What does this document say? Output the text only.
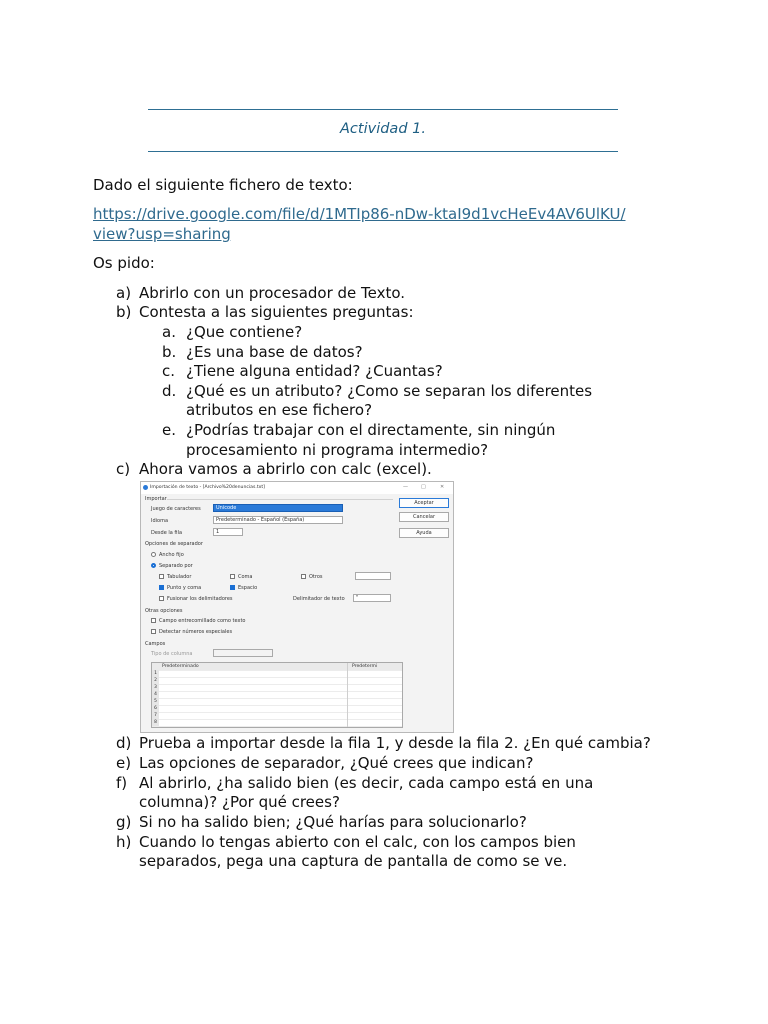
Actividad 1.
Dado el siguiente fichero de texto:
https://drive.google.com/file/d/1MTIp86-nDw-ktaI9d1vcHeEv4AV6UlKU/
view?usp=sharing
Os pido:
a) Abrirlo con un procesador de Texto.
b) Contesta a las siguientes preguntas:
a. ¿Que contiene?
b. ¿Es una base de datos?
c. ¿Tiene alguna entidad? ¿Cuantas?
d. ¿Qué es un atributo? ¿Como se separan los diferentes
atributos en ese fichero?
e. ¿Podrías trabajar con el directamente, sin ningún
procesamiento ni programa intermedio?
c) Ahora vamos a abrirlo con calc (excel).
Importación de texto - [Archivo%20denuncias.txt]	—	□	✕
Importar
Juego de caracteres	Unicode
Idioma	Predeterminado - Español (España)
Desde la fila	1
Opciones de separador
Ancho fijo
Separado por
Tabulador	Coma	Otros
Punto y coma	Espacio
Fusionar los delimitadores	Delimitador de texto "
Otras opciones
Campo entrecomillado como texto
Detectar números especiales
Campos
Tipo de columna
Predeterminado	Predetermi
1
2
3
4
5
6
7
8
Aceptar
Cancelar
Ayuda
d) Prueba a importar desde la fila 1, y desde la fila 2. ¿En qué cambia?
e) Las opciones de separador, ¿Qué crees que indican?
f) Al abrirlo, ¿ha salido bien (es decir, cada campo está en una
columna)? ¿Por qué crees?
g) Si no ha salido bien; ¿Qué harías para solucionarlo?
h) Cuando lo tengas abierto con el calc, con los campos bien
separados, pega una captura de pantalla de como se ve.
